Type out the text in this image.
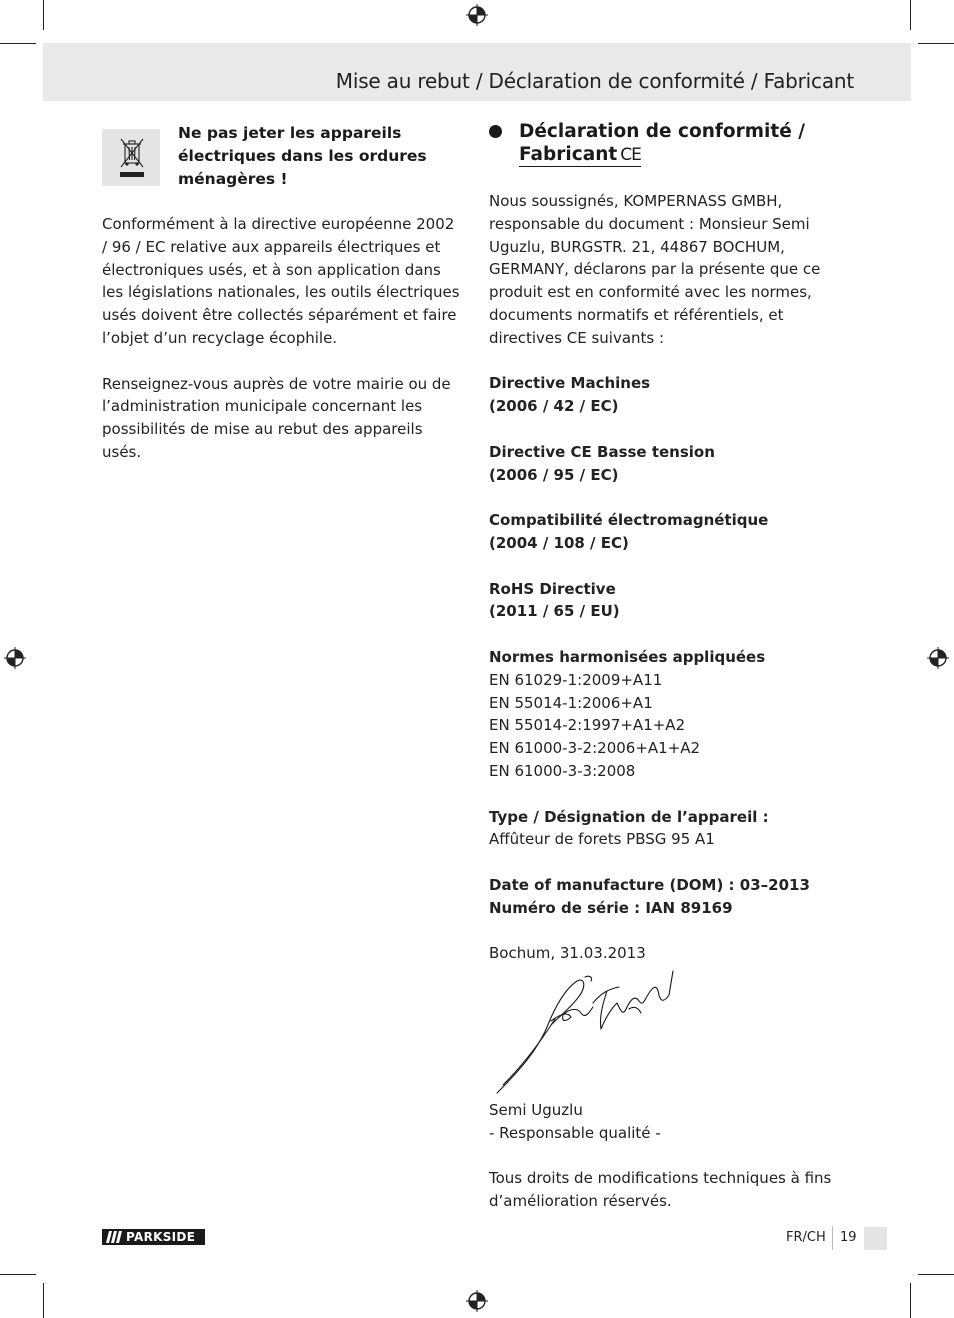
Mise au rebut / Déclaration de conformité / Fabricant
Ne pas jeter les appareils électriques dans les ordures ménagères !

Conformément à la directive européenne 2002 / 96 / EC relative aux appareils électriques et électroniques usés, et à son application dans les législations nationales, les outils électriques usés doivent être collectés séparément et faire l’objet d’un recyclage écophile.

Renseignez-vous auprès de votre mairie ou de l’administration municipale concernant les possibilités de mise au rebut des appareils usés.

Déclaration de conformité /
Fabricant CE

Nous soussignés, KOMPERNASS GMBH, responsable du document : Monsieur Semi Uguzlu, BURGSTR. 21, 44867 BOCHUM, GERMANY, déclarons par la présente que ce produit est en conformité avec les normes, documents normatifs et référentiels, et directives CE suivants :

Directive Machines

(2006 / 42 / EC)

Directive CE Basse tension

(2006 / 95 / EC)

Compatibilité électromagnétique

(2004 / 108 / EC)

RoHS Directive

(2011 / 65 / EU)

Normes harmonisées appliquées

EN 61029-1:2009+A11

EN 55014-1:2006+A1

EN 55014-2:1997+A1+A2

EN 61000-3-2:2006+A1+A2

EN 61000-3-3:2008

Type / Désignation de l’appareil :

Affûteur de forets PBSG 95 A1

Date of manufacture (DOM) : 03–2013

Numéro de série : IAN 89169

Bochum, 31.03.2013

Semi Uguzlu

- Responsable qualité -

Tous droits de modifications techniques à fins d’amélioration réservés.

PARKSIDE	FR/CH 19
